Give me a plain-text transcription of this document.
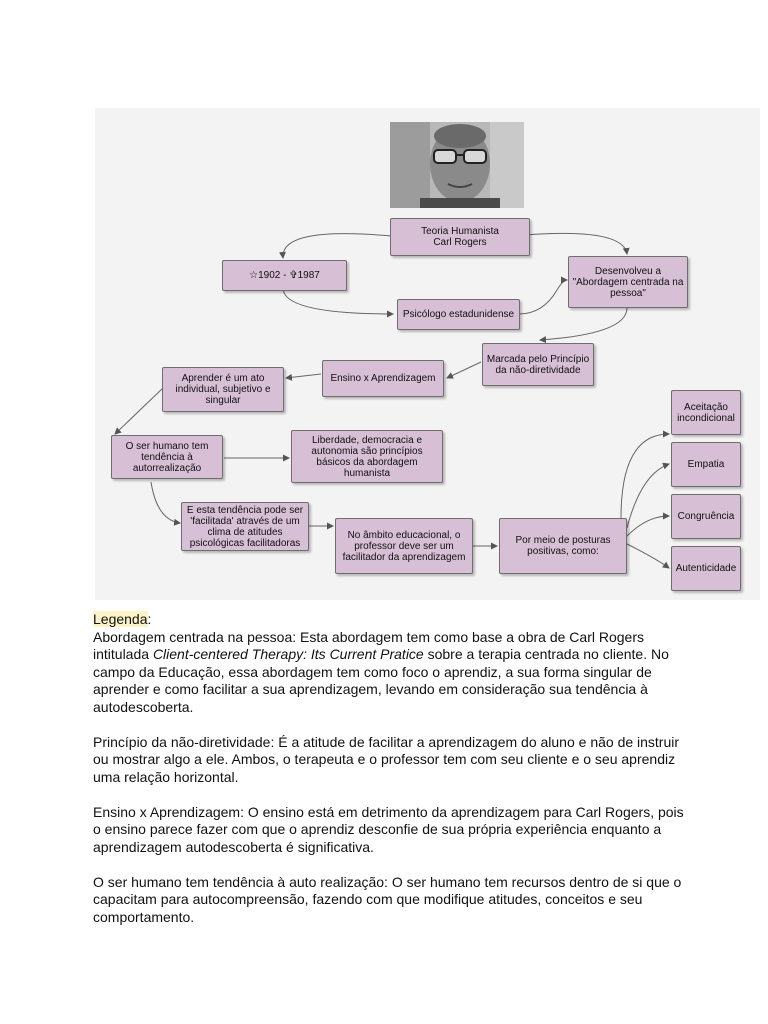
Teoria Humanista
Carl Rogers
☆1902 - ✞1987	Desenvolveu a "Abordagem centrada na pessoa"
Psicólogo estadunidense
Marcada pelo Princípio da não-diretividade
Ensino x Aprendizagem
Aprender é um ato individual, subjetivo e singular
O ser humano tem tendência à autorrealização
Liberdade, democracia e autonomia são princípios básicos da abordagem humanista
E esta tendência pode ser 'facilitada' através de um clima de atitudes psicológicas facilitadoras
No âmbito educacional, o professor deve ser um facilitador da aprendizagem
Por meio de posturas positivas, como:
Aceitação incondicional
Empatia
Congruência
Autenticidade

Legenda:
Abordagem centrada na pessoa: Esta abordagem tem como base a obra de Carl Rogers intitulada Client-centered Therapy: Its Current Pratice sobre a terapia centrada no cliente. No campo da Educação, essa abordagem tem como foco o aprendiz, a sua forma singular de aprender e como facilitar a sua aprendizagem, levando em consideração sua tendência à autodescoberta.

Princípio da não-diretividade: É a atitude de facilitar a aprendizagem do aluno e não de instruir ou mostrar algo a ele. Ambos, o terapeuta e o professor tem com seu cliente e o seu aprendiz uma relação horizontal.

Ensino x Aprendizagem: O ensino está em detrimento da aprendizagem para Carl Rogers, pois o ensino parece fazer com que o aprendiz desconfie de sua própria experiência enquanto a aprendizagem autodescoberta é significativa.

O ser humano tem tendência à auto realização: O ser humano tem recursos dentro de si que o capacitam para autocompreensão, fazendo com que modifique atitudes, conceitos e seu comportamento.
